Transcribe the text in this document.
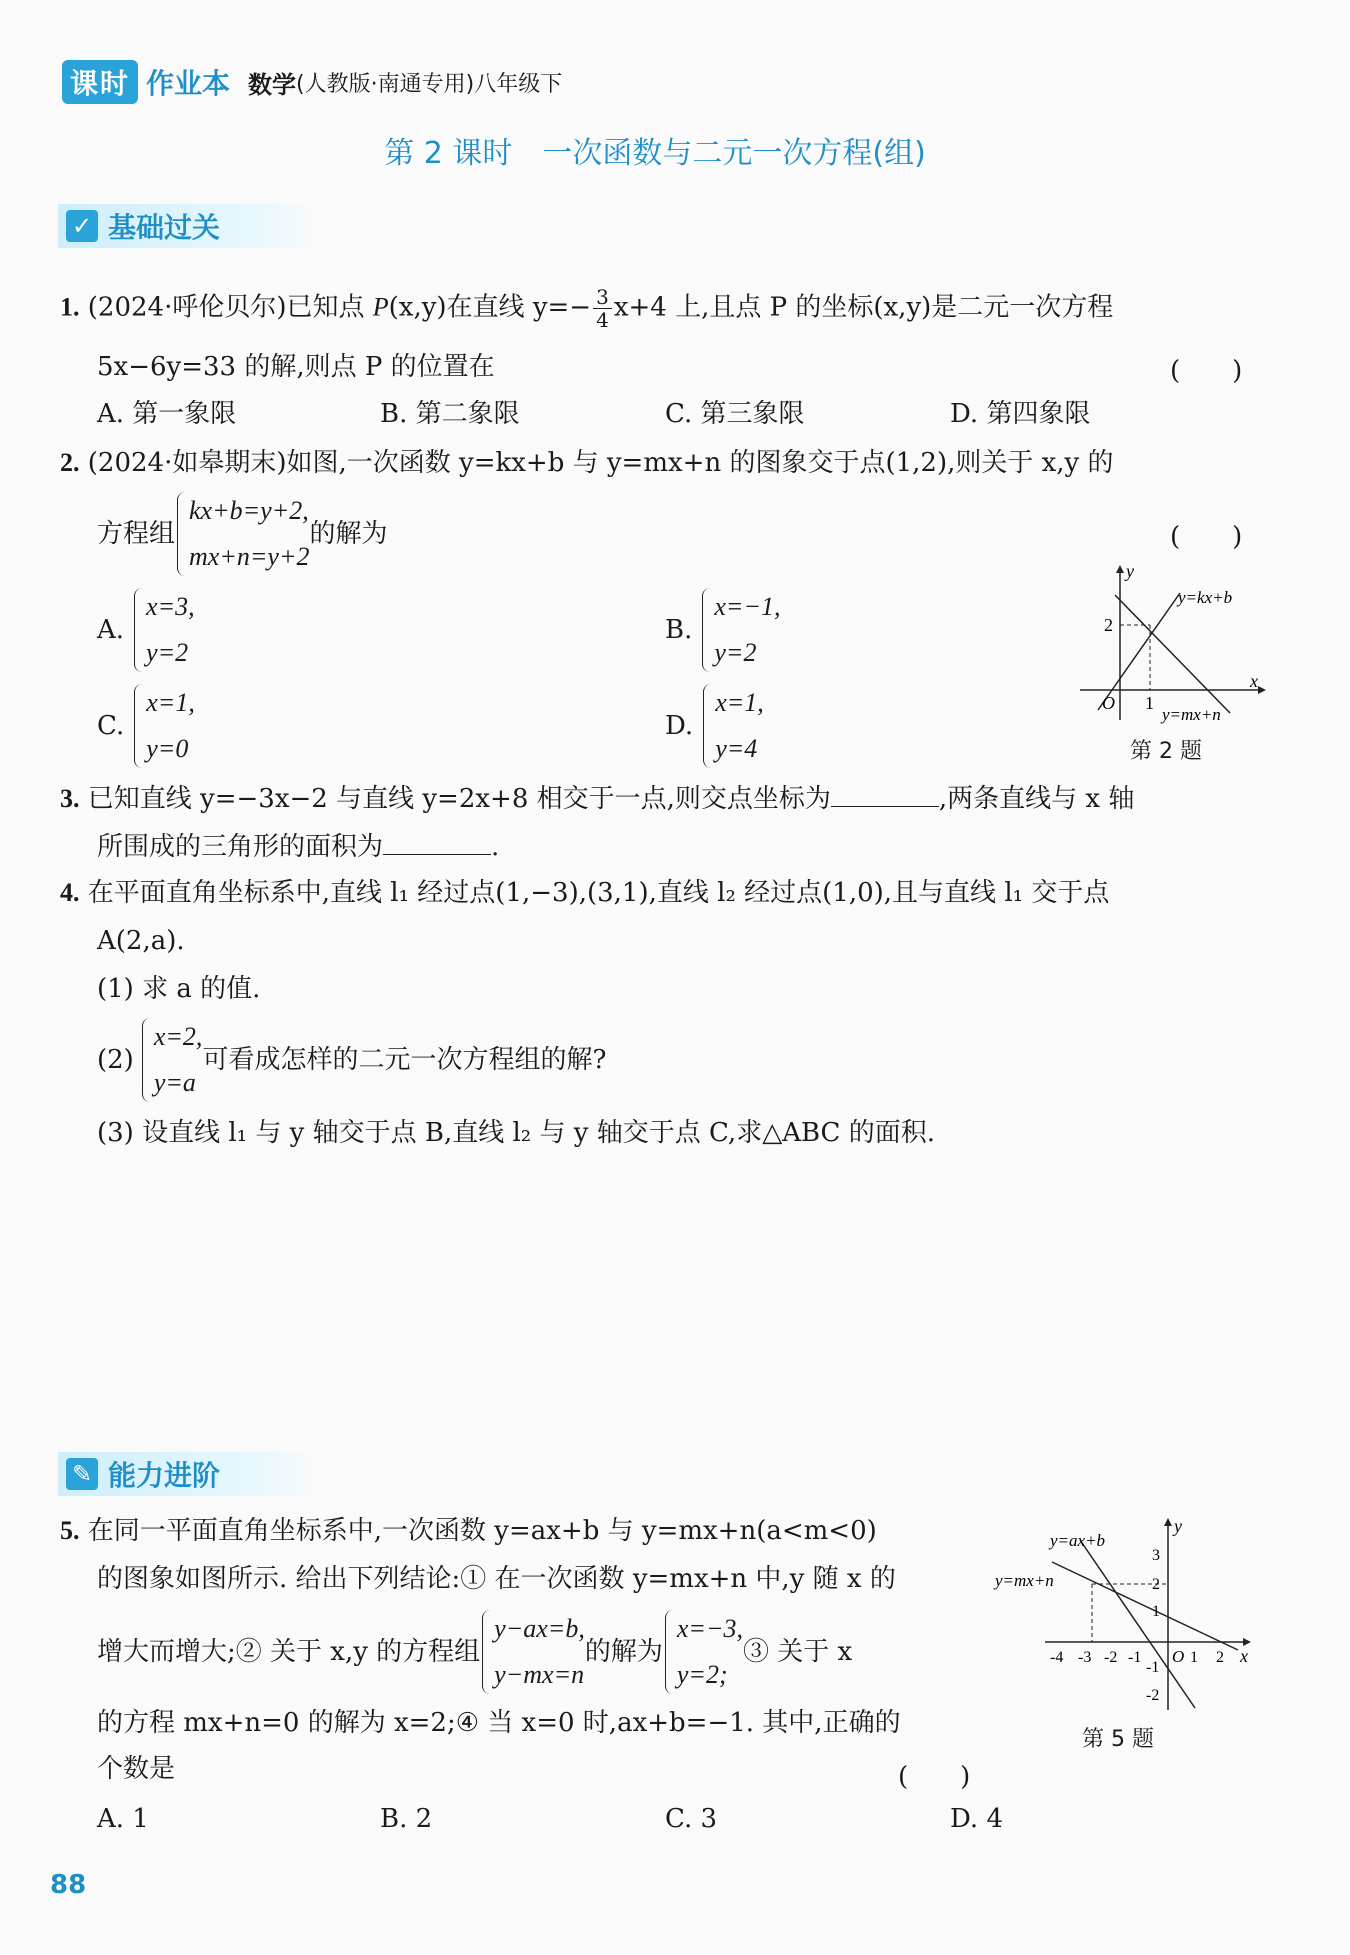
课时 作业本 数学 (人教版·南通专用)八年级下
第 2 课时　一次函数与二元一次方程(组)
✓ 基础过关
1. (2024·呼伦贝尔)已知点 P(x,y)在直线 $y=- \frac{3}{4} x+4$ 上,且点 P 的坐标(x,y)是二元一次方程
5x−6y=33 的解,则点 P 的位置在	(　　)
A. 第一象限	B. 第二象限	C. 第三象限	D. 第四象限
2. (2024·如皋期末)如图,一次函数 y=kx+b 与 y=mx+n 的图象交于点(1,2),则关于 x,y 的
方程组
kx+b=y+2,
mx+n=y+2
的解为	(　　)
A.
x=3,
y=2
B.
x=−1,
y=2
C.
x=1,
y=0
D.
x=1,
y=4
y
x
O
2
1
y=kx+b
y=mx+n
第 2 题
3. 已知直线 y=−3x−2 与直线 y=2x+8 相交于一点,则交点坐标为	,两条直线与 x 轴
所围成的三角形的面积为	.
4. 在平面直角坐标系中,直线 l₁ 经过点(1,−3),(3,1),直线 l₂ 经过点(1,0),且与直线 l₁ 交于点
A(2,a).
(1) 求 a 的值.
(2)
x=2,
y=a
可看成怎样的二元一次方程组的解?
(3) 设直线 l₁ 与 y 轴交于点 B,直线 l₂ 与 y 轴交于点 C,求△ABC 的面积.
✎ 能力进阶
5. 在同一平面直角坐标系中,一次函数 y=ax+b 与 y=mx+n(a<m<0)
的图象如图所示. 给出下列结论:① 在一次函数 y=mx+n 中,y 随 x 的
增大而增大;② 关于 x,y 的方程组
y−ax=b,
y−mx=n
的解为
x=−3,
y=2;
③ 关于 x
的方程 mx+n=0 的解为 x=2;④ 当 x=0 时,ax+b=−1. 其中,正确的
个数是	(　　)
A. 1	B. 2	C. 3	D. 4
y
x
y=ax+b
y=mx+n
3
2
1
-1
-2
-4 -3 -2 -1 O 1 2
第 5 题
88
